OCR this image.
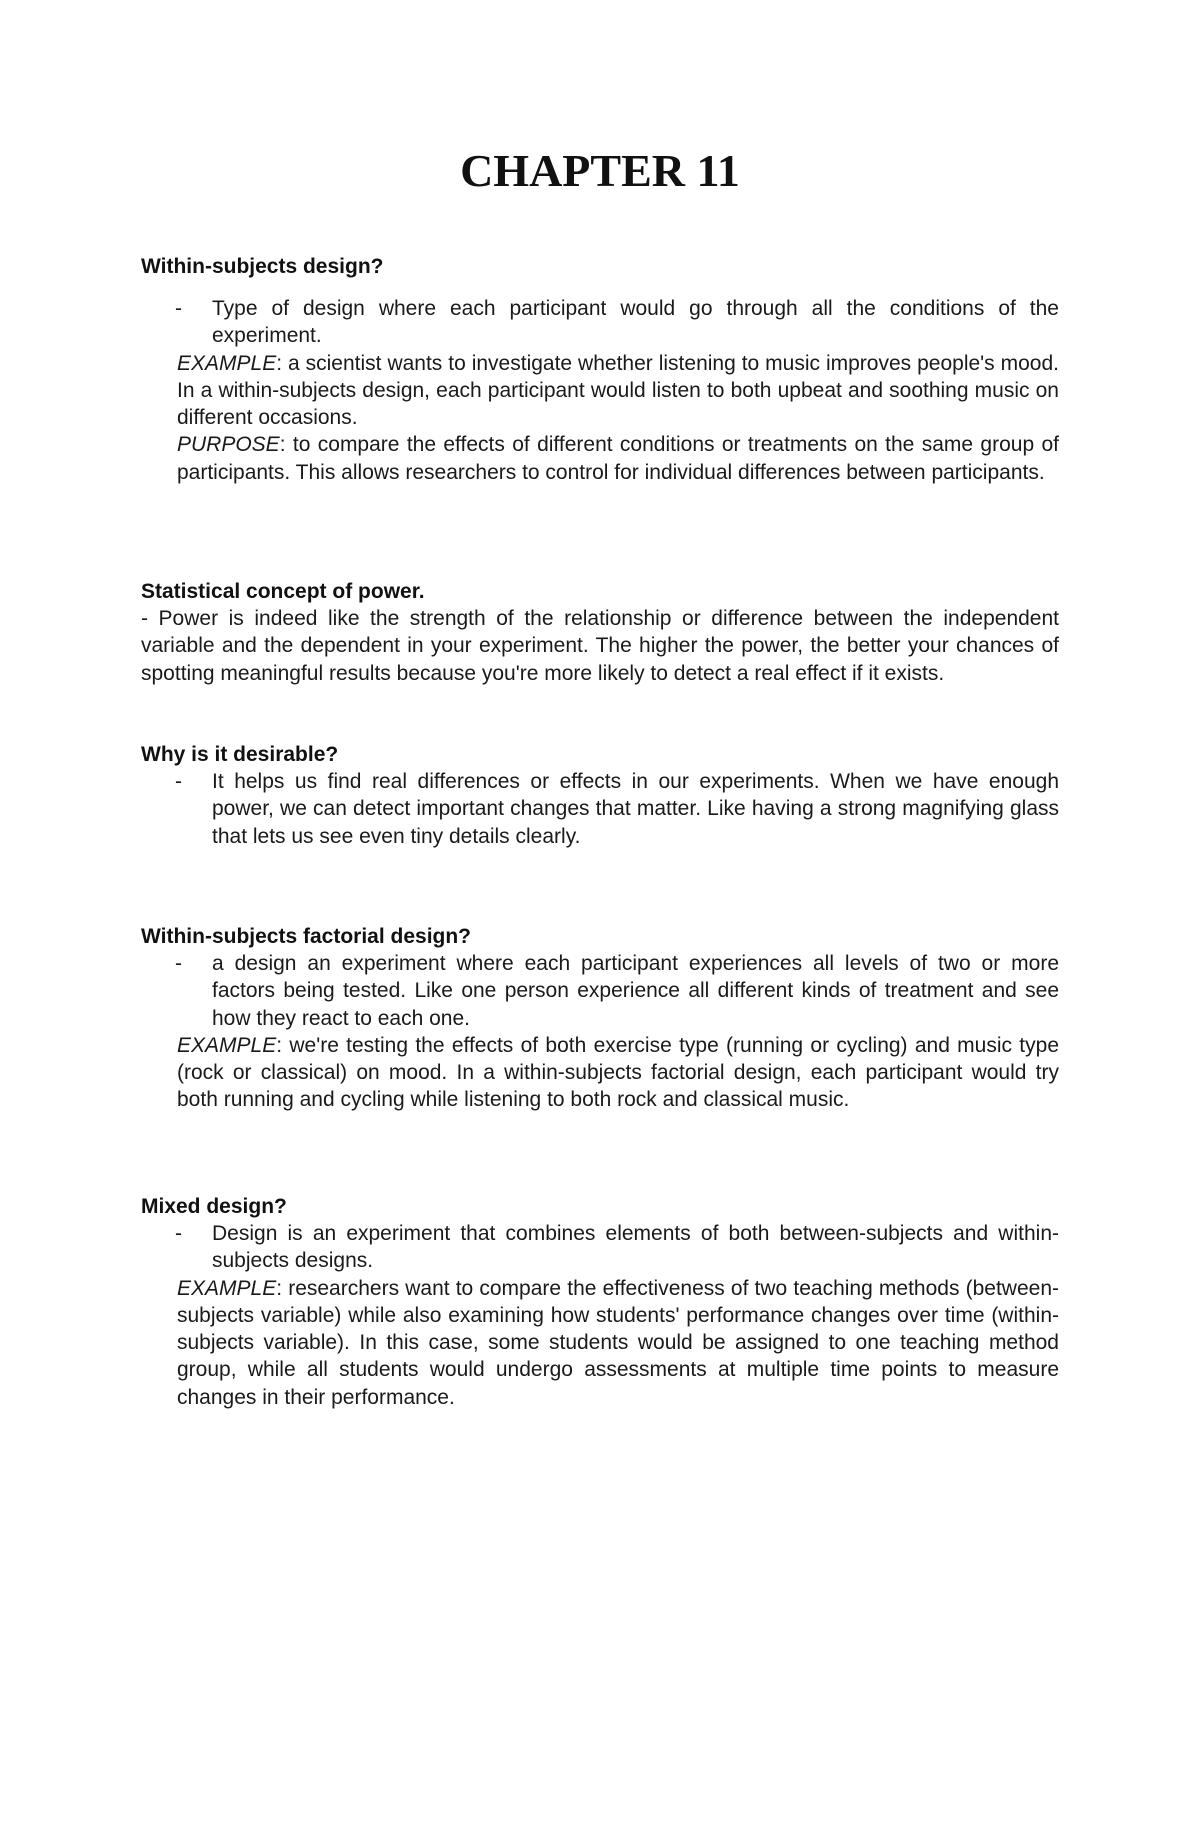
CHAPTER 11

Within-subjects design?

- Type of design where each participant would go through all the conditions of the experiment.

EXAMPLE: a scientist wants to investigate whether listening to music improves people's mood. In a within-subjects design, each participant would listen to both upbeat and soothing music on different occasions.

PURPOSE: to compare the effects of different conditions or treatments on the same group of participants. This allows researchers to control for individual differences between participants.

Statistical concept of power.

- Power is indeed like the strength of the relationship or difference between the independent variable and the dependent in your experiment. The higher the power, the better your chances of spotting meaningful results because you're more likely to detect a real effect if it exists.

Why is it desirable?

- It helps us find real differences or effects in our experiments. When we have enough power, we can detect important changes that matter. Like having a strong magnifying glass that lets us see even tiny details clearly.

Within-subjects factorial design?

- a design an experiment where each participant experiences all levels of two or more factors being tested. Like one person experience all different kinds of treatment and see how they react to each one.

EXAMPLE: we're testing the effects of both exercise type (running or cycling) and music type (rock or classical) on mood. In a within-subjects factorial design, each participant would try both running and cycling while listening to both rock and classical music.

Mixed design?

- Design is an experiment that combines elements of both between-subjects and within-subjects designs.

EXAMPLE: researchers want to compare the effectiveness of two teaching methods (between-subjects variable) while also examining how students' performance changes over time (within-subjects variable). In this case, some students would be assigned to one teaching method group, while all students would undergo assessments at multiple time points to measure changes in their performance.
